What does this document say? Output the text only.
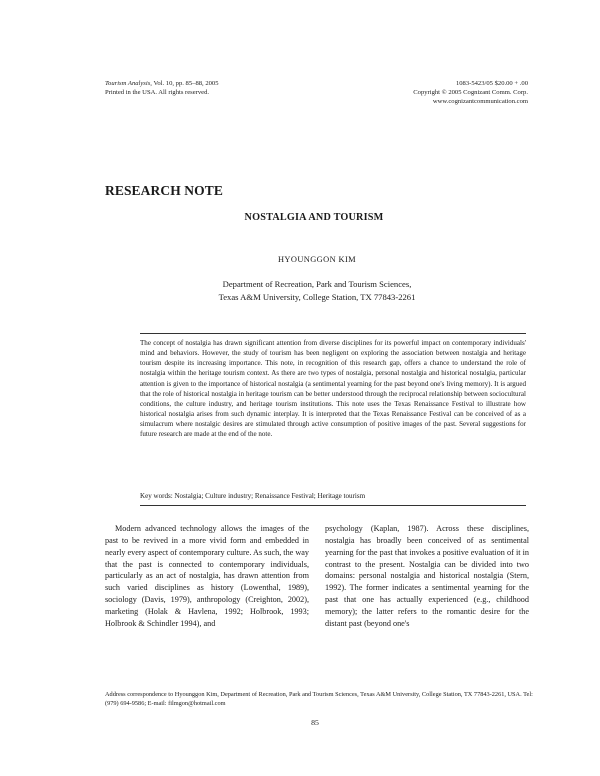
Tourism Analysis, Vol. 10, pp. 85–88, 2005
Printed in the USA. All rights reserved.
1083-5423/05 $20.00 + .00
Copyright © 2005 Cognizant Comm. Corp.
www.cognizantcommunication.com
RESEARCH NOTE
NOSTALGIA AND TOURISM
HYOUNGGON KIM
Department of Recreation, Park and Tourism Sciences,
Texas A&M University, College Station, TX 77843-2261
The concept of nostalgia has drawn significant attention from diverse disciplines for its powerful impact on contemporary individuals' mind and behaviors. However, the study of tourism has been negligent on exploring the association between nostalgia and heritage tourism despite its increasing importance. This note, in recognition of this research gap, offers a chance to understand the role of nostalgia within the heritage tourism context. As there are two types of nostalgia, personal nostalgia and historical nostalgia, particular attention is given to the importance of historical nostalgia (a sentimental yearning for the past beyond one's living memory). It is argued that the role of historical nostalgia in heritage tourism can be better understood through the reciprocal relationship between sociocultural conditions, the culture industry, and heritage tourism institutions. This note uses the Texas Renaissance Festival to illustrate how historical nostalgia arises from such dynamic interplay. It is interpreted that the Texas Renaissance Festival can be conceived of as a simulacrum where nostalgic desires are stimulated through active consumption of positive images of the past. Several suggestions for future research are made at the end of the note.
Key words: Nostalgia; Culture industry; Renaissance Festival; Heritage tourism
Modern advanced technology allows the images of the past to be revived in a more vivid form and embedded in nearly every aspect of contemporary culture. As such, the way that the past is connected to contemporary individuals, particularly as an act of nostalgia, has drawn attention from such varied disciplines as history (Lowenthal, 1989), sociology (Davis, 1979), anthropology (Creighton, 2002), marketing (Holak & Havlena, 1992; Holbrook, 1993; Holbrook & Schindler 1994), and
psychology (Kaplan, 1987). Across these disciplines, nostalgia has broadly been conceived of as sentimental yearning for the past that invokes a positive evaluation of it in contrast to the present. Nostalgia can be divided into two domains: personal nostalgia and historical nostalgia (Stern, 1992). The former indicates a sentimental yearning for the past that one has actually experienced (e.g., childhood memory); the latter refers to the romantic desire for the distant past (beyond one's
Address correspondence to Hyounggon Kim, Department of Recreation, Park and Tourism Sciences, Texas A&M University, College Station, TX 77843-2261, USA. Tel: (979) 694-9586; E-mail: filmgon@hotmail.com
85
